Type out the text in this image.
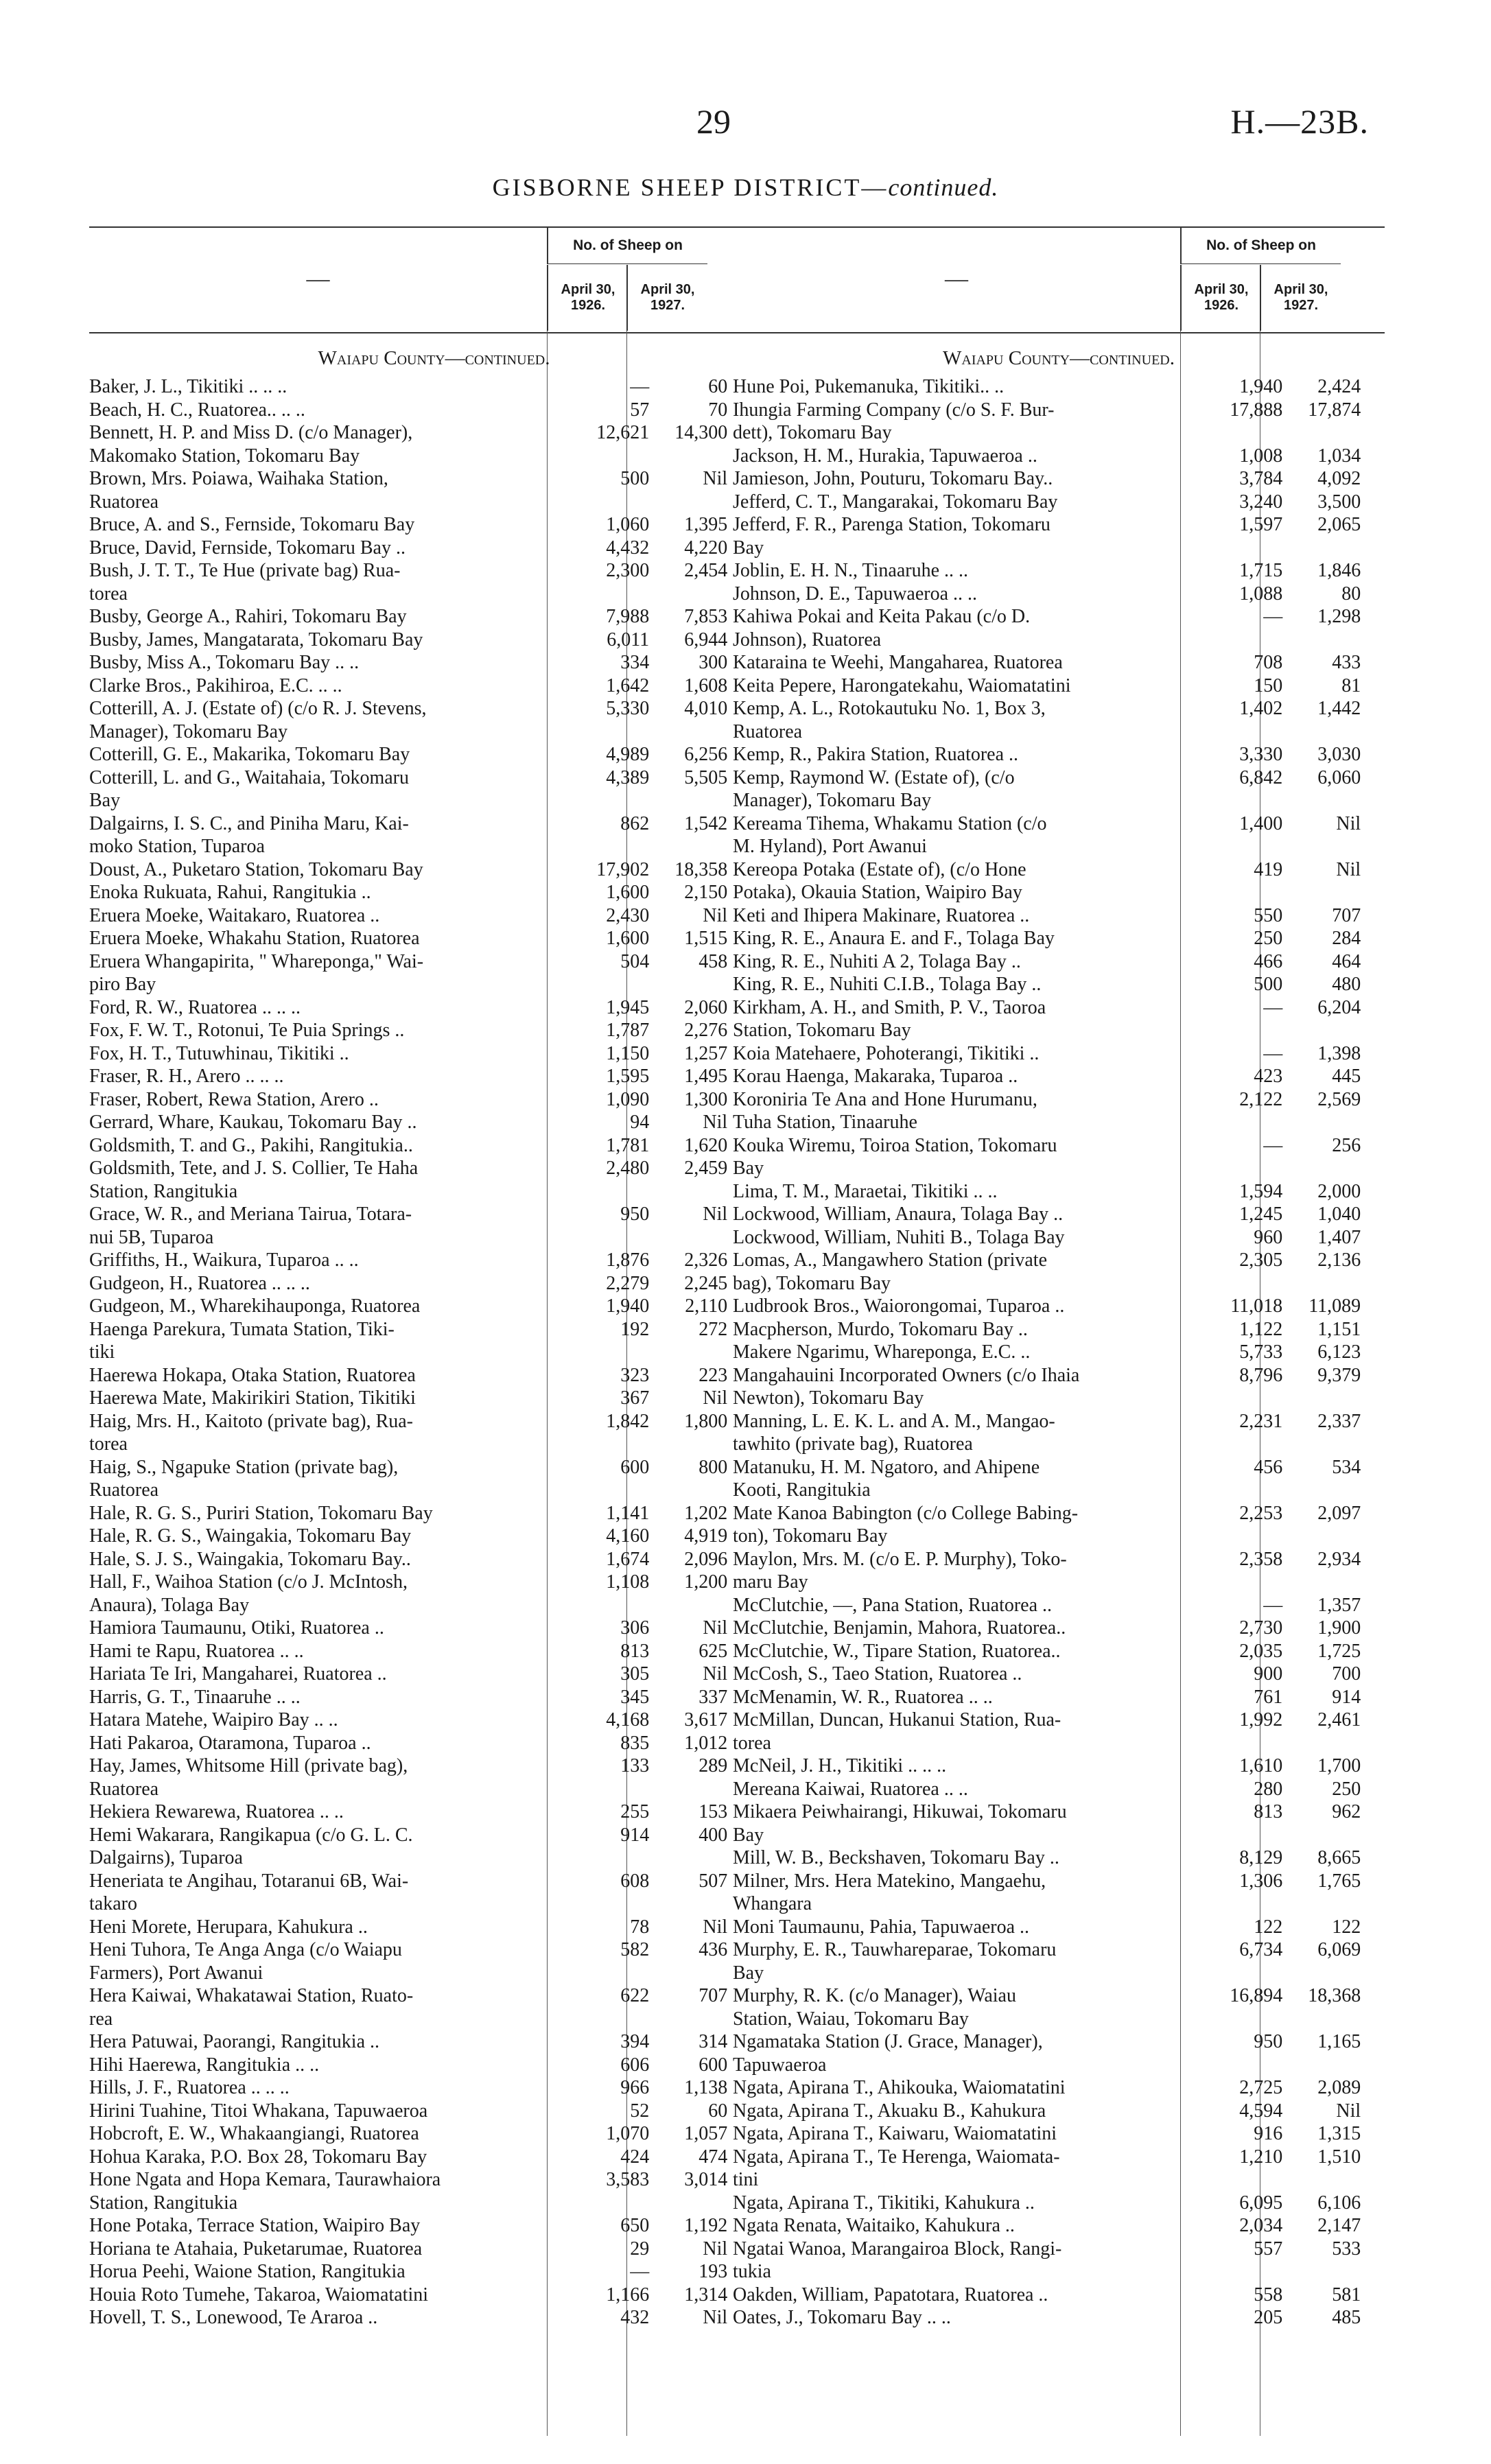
29	H.—23B.
GISBORNE SHEEP DISTRICT—continued.
—
No. of Sheep on
April 30, 1926.
April 30, 1927.
Waiapu County—continued.
Baker, J. L., Tikitiki .. .. ..	—	60
Beach, H. C., Ruatorea.. .. ..	57	70
Bennett, H. P. and Miss D. (c/o Manager),
Makomako Station, Tokomaru Bay
12,621	14,300
Brown, Mrs. Poiawa, Waihaka Station,
Ruatorea
500	Nil
Bruce, A. and S., Fernside, Tokomaru Bay	1,060	1,395
Bruce, David, Fernside, Tokomaru Bay ..	4,432	4,220
Bush, J. T. T., Te Hue (private bag) Rua-
torea
2,300	2,454
Busby, George A., Rahiri, Tokomaru Bay	7,988	7,853
Busby, James, Mangatarata, Tokomaru Bay	6,011	6,944
Busby, Miss A., Tokomaru Bay .. ..	334	300
Clarke Bros., Pakihiroa, E.C. .. ..	1,642	1,608
Cotterill, A. J. (Estate of) (c/o R. J. Stevens,
Manager), Tokomaru Bay
5,330	4,010
Cotterill, G. E., Makarika, Tokomaru Bay	4,989	6,256
Cotterill, L. and G., Waitahaia, Tokomaru
Bay
4,389	5,505
Dalgairns, I. S. C., and Piniha Maru, Kai-
moko Station, Tuparoa
862	1,542
Doust, A., Puketaro Station, Tokomaru Bay	17,902	18,358
Enoka Rukuata, Rahui, Rangitukia ..	1,600	2,150
Eruera Moeke, Waitakaro, Ruatorea ..	2,430	Nil
Eruera Moeke, Whakahu Station, Ruatorea	1,600	1,515
Eruera Whangapirita, " Whareponga," Wai-
piro Bay
504	458
Ford, R. W., Ruatorea .. .. ..	1,945	2,060
Fox, F. W. T., Rotonui, Te Puia Springs ..	1,787	2,276
Fox, H. T., Tutuwhinau, Tikitiki ..	1,150	1,257
Fraser, R. H., Arero .. .. ..	1,595	1,495
Fraser, Robert, Rewa Station, Arero ..	1,090	1,300
Gerrard, Whare, Kaukau, Tokomaru Bay ..	94	Nil
Goldsmith, T. and G., Pakihi, Rangitukia..	1,781	1,620
Goldsmith, Tete, and J. S. Collier, Te Haha
Station, Rangitukia
2,480	2,459
Grace, W. R., and Meriana Tairua, Totara-
nui 5B, Tuparoa
950	Nil
Griffiths, H., Waikura, Tuparoa .. ..	1,876	2,326
Gudgeon, H., Ruatorea .. .. ..	2,279	2,245
Gudgeon, M., Wharekihauponga, Ruatorea	1,940	2,110
Haenga Parekura, Tumata Station, Tiki-
tiki
192	272
Haerewa Hokapa, Otaka Station, Ruatorea	323	223
Haerewa Mate, Makirikiri Station, Tikitiki	367	Nil
Haig, Mrs. H., Kaitoto (private bag), Rua-
torea
1,842	1,800
Haig, S., Ngapuke Station (private bag),
Ruatorea
600	800
Hale, R. G. S., Puriri Station, Tokomaru Bay	1,141	1,202
Hale, R. G. S., Waingakia, Tokomaru Bay	4,160	4,919
Hale, S. J. S., Waingakia, Tokomaru Bay..	1,674	2,096
Hall, F., Waihoa Station (c/o J. McIntosh,
Anaura), Tolaga Bay
1,108	1,200
Hamiora Taumaunu, Otiki, Ruatorea ..	306	Nil
Hami te Rapu, Ruatorea .. ..	813	625
Hariata Te Iri, Mangaharei, Ruatorea ..	305	Nil
Harris, G. T., Tinaaruhe .. ..	345	337
Hatara Matehe, Waipiro Bay .. ..	4,168	3,617
Hati Pakaroa, Otaramona, Tuparoa ..	835	1,012
Hay, James, Whitsome Hill (private bag),
Ruatorea
133	289
Hekiera Rewarewa, Ruatorea .. ..	255	153
Hemi Wakarara, Rangikapua (c/o G. L. C.
Dalgairns), Tuparoa
914	400
Heneriata te Angihau, Totaranui 6B, Wai-
takaro
608	507
Heni Morete, Herupara, Kahukura ..	78	Nil
Heni Tuhora, Te Anga Anga (c/o Waiapu
Farmers), Port Awanui
582	436
Hera Kaiwai, Whakatawai Station, Ruato-
rea
622	707
Hera Patuwai, Paorangi, Rangitukia ..	394	314
Hihi Haerewa, Rangitukia .. ..	606	600
Hills, J. F., Ruatorea .. .. ..	966	1,138
Hirini Tuahine, Titoi Whakana, Tapuwaeroa	52	60
Hobcroft, E. W., Whakaangiangi, Ruatorea	1,070	1,057
Hohua Karaka, P.O. Box 28, Tokomaru Bay	424	474
Hone Ngata and Hopa Kemara, Taurawhaiora
Station, Rangitukia
3,583	3,014
Hone Potaka, Terrace Station, Waipiro Bay	650	1,192
Horiana te Atahaia, Puketarumae, Ruatorea	29	Nil
Horua Peehi, Waione Station, Rangitukia	—	193
Houia Roto Tumehe, Takaroa, Waiomatatini	1,166	1,314
Hovell, T. S., Lonewood, Te Araroa ..	432	Nil
—
No. of Sheep on
April 30, 1926.
April 30, 1927.
Waiapu County—continued.
Hune Poi, Pukemanuka, Tikitiki.. ..	1,940	2,424
Ihungia Farming Company (c/o S. F. Bur-
dett), Tokomaru Bay
17,888	17,874
Jackson, H. M., Hurakia, Tapuwaeroa ..	1,008	1,034
Jamieson, John, Pouturu, Tokomaru Bay..	3,784	4,092
Jefferd, C. T., Mangarakai, Tokomaru Bay	3,240	3,500
Jefferd, F. R., Parenga Station, Tokomaru
Bay
1,597	2,065
Joblin, E. H. N., Tinaaruhe .. ..	1,715	1,846
Johnson, D. E., Tapuwaeroa .. ..	1,088	80
Kahiwa Pokai and Keita Pakau (c/o D.
Johnson), Ruatorea
—	1,298
Kataraina te Weehi, Mangaharea, Ruatorea	708	433
Keita Pepere, Harongatekahu, Waiomatatini	150	81
Kemp, A. L., Rotokautuku No. 1, Box 3,
Ruatorea
1,402	1,442
Kemp, R., Pakira Station, Ruatorea ..	3,330	3,030
Kemp, Raymond W. (Estate of), (c/o
Manager), Tokomaru Bay
6,842	6,060
Kereama Tihema, Whakamu Station (c/o
M. Hyland), Port Awanui
1,400	Nil
Kereopa Potaka (Estate of), (c/o Hone
Potaka), Okauia Station, Waipiro Bay
419	Nil
Keti and Ihipera Makinare, Ruatorea ..	550	707
King, R. E., Anaura E. and F., Tolaga Bay	250	284
King, R. E., Nuhiti A 2, Tolaga Bay ..	466	464
King, R. E., Nuhiti C.I.B., Tolaga Bay ..	500	480
Kirkham, A. H., and Smith, P. V., Taoroa
Station, Tokomaru Bay
—	6,204
Koia Matehaere, Pohoterangi, Tikitiki ..	—	1,398
Korau Haenga, Makaraka, Tuparoa ..	423	445
Koroniria Te Ana and Hone Hurumanu,
Tuha Station, Tinaaruhe
2,122	2,569
Kouka Wiremu, Toiroa Station, Tokomaru
Bay
—	256
Lima, T. M., Maraetai, Tikitiki .. ..	1,594	2,000
Lockwood, William, Anaura, Tolaga Bay ..	1,245	1,040
Lockwood, William, Nuhiti B., Tolaga Bay	960	1,407
Lomas, A., Mangawhero Station (private
bag), Tokomaru Bay
2,305	2,136
Ludbrook Bros., Waiorongomai, Tuparoa ..	11,018	11,089
Macpherson, Murdo, Tokomaru Bay ..	1,122	1,151
Makere Ngarimu, Whareponga, E.C. ..	5,733	6,123
Mangahauini Incorporated Owners (c/o Ihaia
Newton), Tokomaru Bay
8,796	9,379
Manning, L. E. K. L. and A. M., Mangao-
tawhito (private bag), Ruatorea
2,231	2,337
Matanuku, H. M. Ngatoro, and Ahipene
Kooti, Rangitukia
456	534
Mate Kanoa Babington (c/o College Babing-
ton), Tokomaru Bay
2,253	2,097
Maylon, Mrs. M. (c/o E. P. Murphy), Toko-
maru Bay
2,358	2,934
McClutchie, —, Pana Station, Ruatorea ..	—	1,357
McClutchie, Benjamin, Mahora, Ruatorea..	2,730	1,900
McClutchie, W., Tipare Station, Ruatorea..	2,035	1,725
McCosh, S., Taeo Station, Ruatorea ..	900	700
McMenamin, W. R., Ruatorea .. ..	761	914
McMillan, Duncan, Hukanui Station, Rua-
torea
1,992	2,461
McNeil, J. H., Tikitiki .. .. ..	1,610	1,700
Mereana Kaiwai, Ruatorea .. ..	280	250
Mikaera Peiwhairangi, Hikuwai, Tokomaru
Bay
813	962
Mill, W. B., Beckshaven, Tokomaru Bay ..	8,129	8,665
Milner, Mrs. Hera Matekino, Mangaehu,
Whangara
1,306	1,765
Moni Taumaunu, Pahia, Tapuwaeroa ..	122	122
Murphy, E. R., Tauwhareparae, Tokomaru
Bay
6,734	6,069
Murphy, R. K. (c/o Manager), Waiau
Station, Waiau, Tokomaru Bay
16,894	18,368
Ngamataka Station (J. Grace, Manager),
Tapuwaeroa
950	1,165
Ngata, Apirana T., Ahikouka, Waiomatatini	2,725	2,089
Ngata, Apirana T., Akuaku B., Kahukura	4,594	Nil
Ngata, Apirana T., Kaiwaru, Waiomatatini	916	1,315
Ngata, Apirana T., Te Herenga, Waiomata-
tini
1,210	1,510
Ngata, Apirana T., Tikitiki, Kahukura ..	6,095	6,106
Ngata Renata, Waitaiko, Kahukura ..	2,034	2,147
Ngatai Wanoa, Marangairoa Block, Rangi-
tukia
557	533
Oakden, William, Papatotara, Ruatorea ..	558	581
Oates, J., Tokomaru Bay .. ..	205	485
